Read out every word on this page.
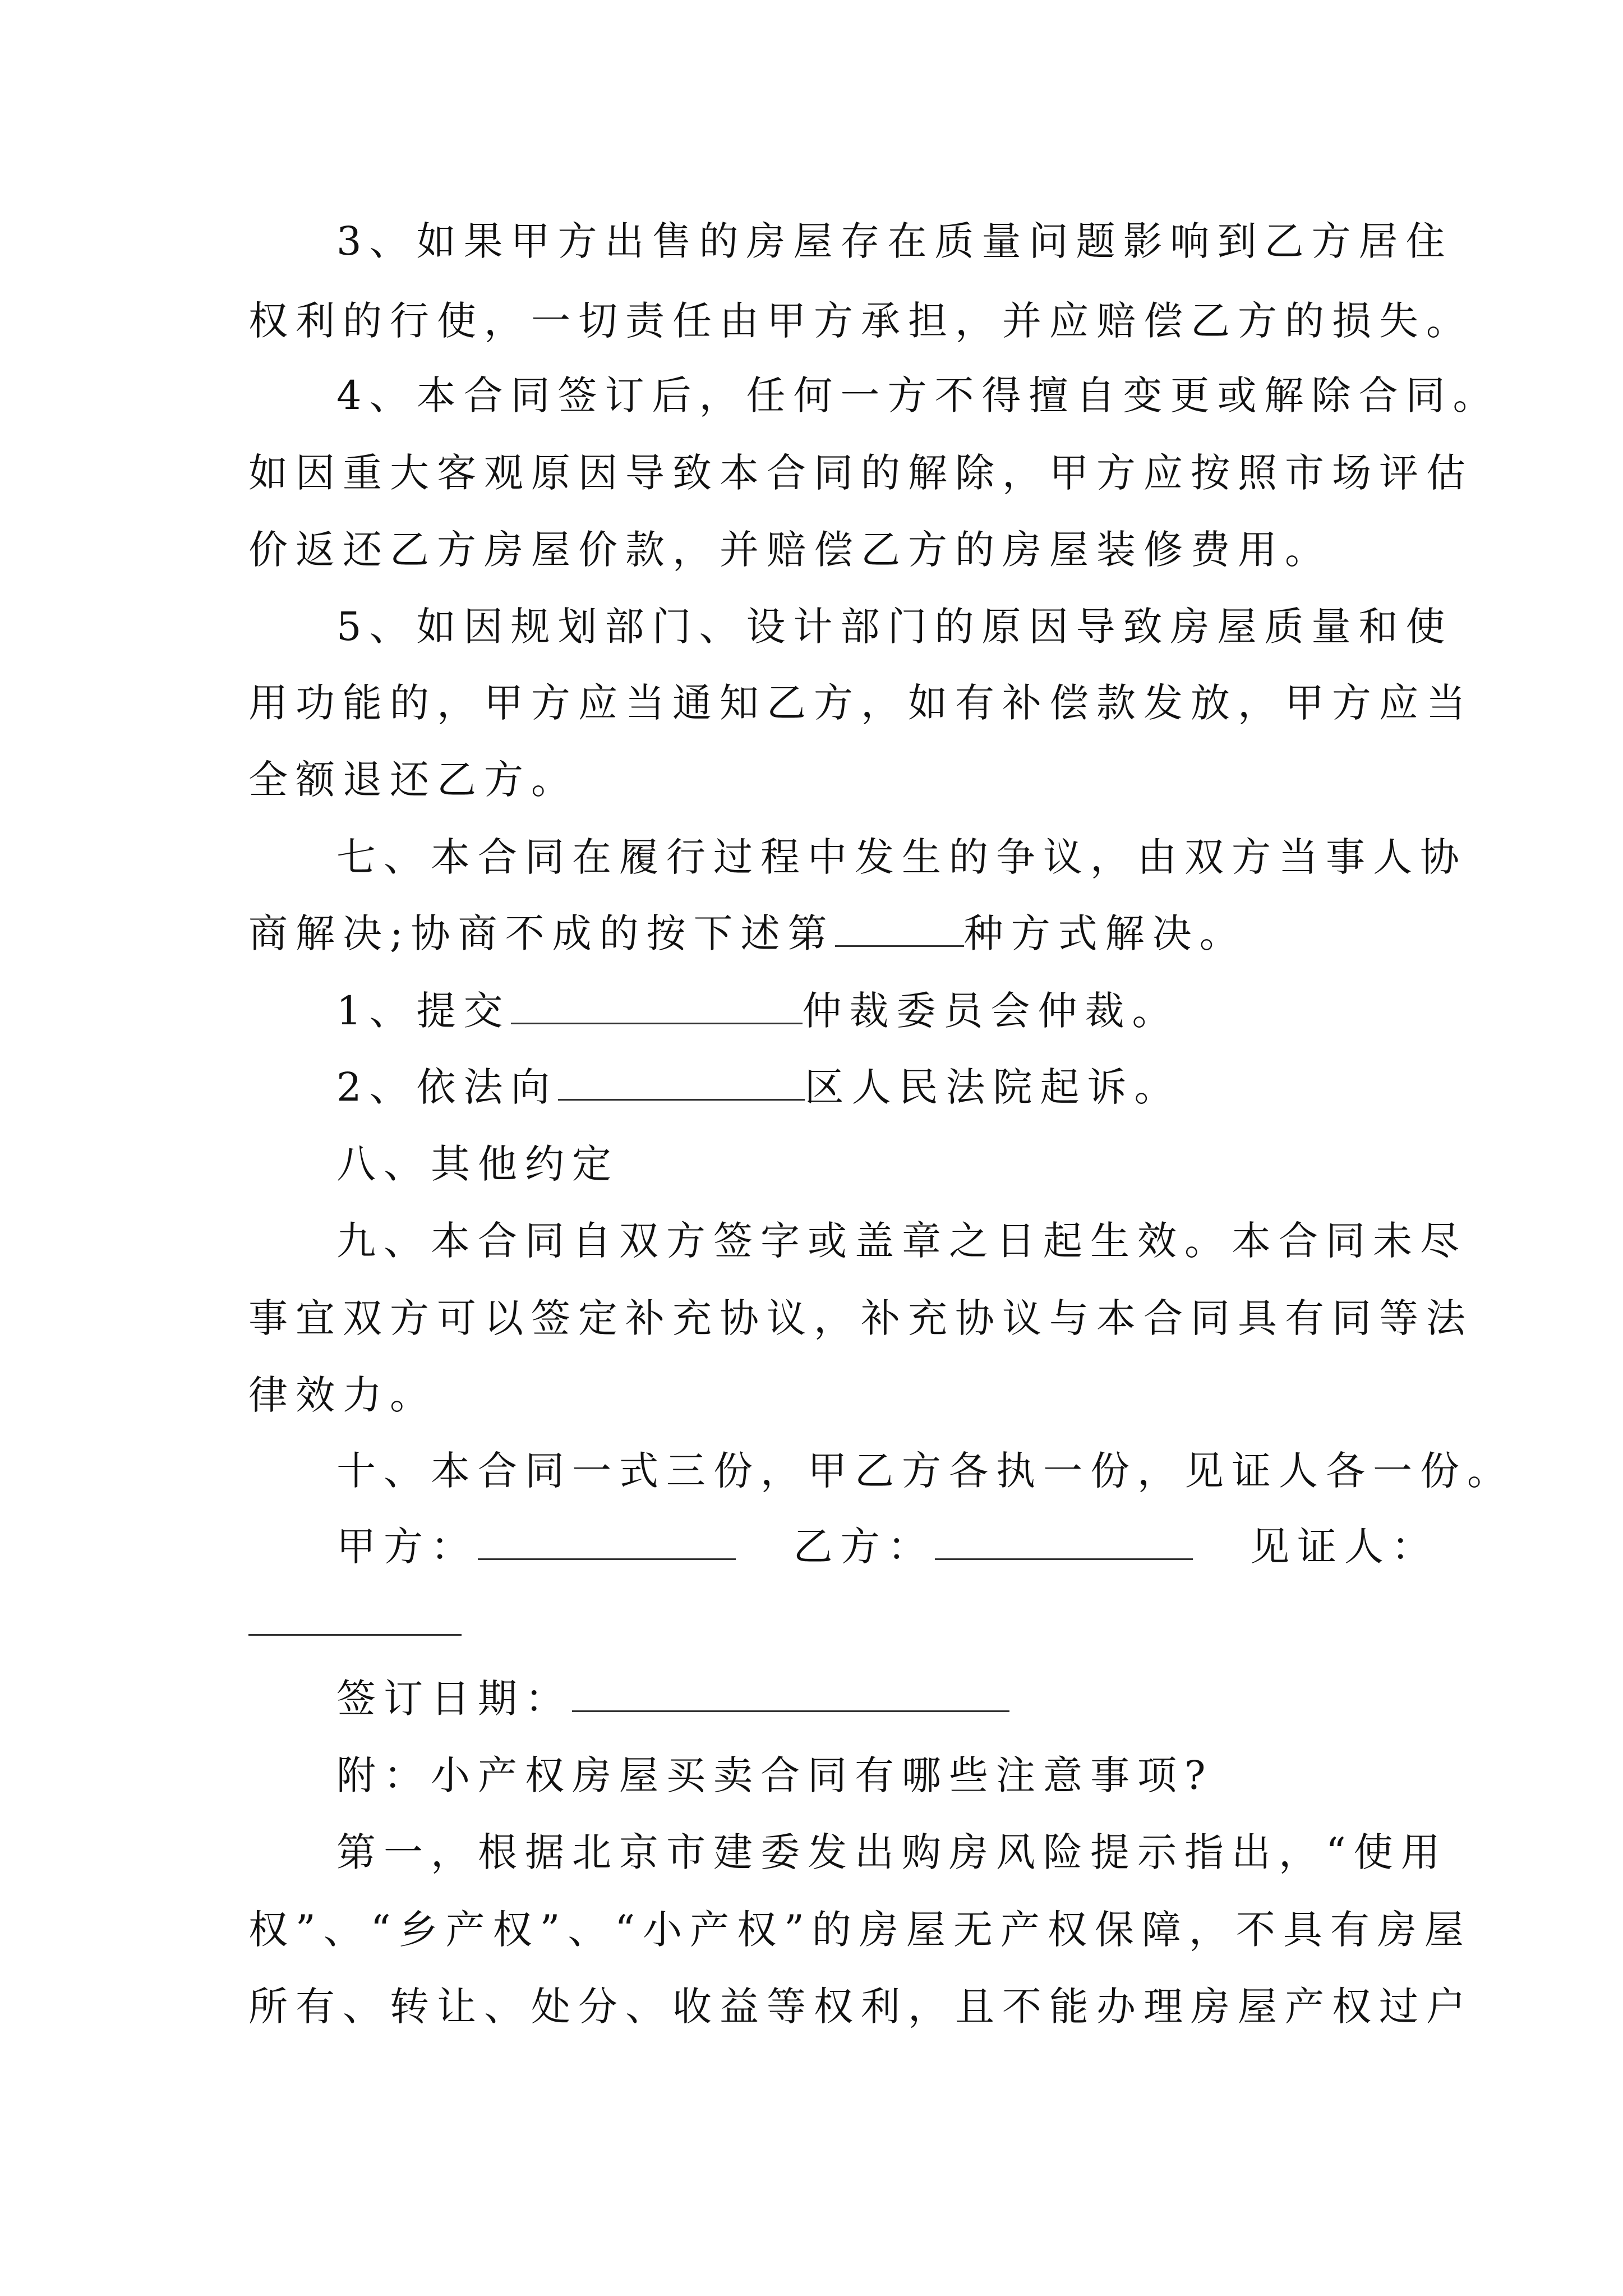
3、如果甲方出售的房屋存在质量问题影响到乙方居住
权利的行使，一切责任由甲方承担，并应赔偿乙方的损失。
4、本合同签订后，任何一方不得擅自变更或解除合同。
如因重大客观原因导致本合同的解除，甲方应按照市场评估
价返还乙方房屋价款，并赔偿乙方的房屋装修费用。
5、如因规划部门、设计部门的原因导致房屋质量和使
用功能的，甲方应当通知乙方，如有补偿款发放，甲方应当
全额退还乙方。
七、本合同在履行过程中发生的争议，由双方当事人协
商解决;协商不成的按下述第	种方式解决。
1、提交	仲裁委员会仲裁。
2、依法向	区人民法院起诉。
八、其他约定
九、本合同自双方签字或盖章之日起生效。本合同未尽
事宜双方可以签定补充协议，补充协议与本合同具有同等法
律效力。
十、本合同一式三份，甲乙方各执一份，见证人各一份。
甲方：	乙方：	见证人：
签订日期：
附：小产权房屋买卖合同有哪些注意事项?
第一，根据北京市建委发出购房风险提示指出，“使用
权”、“乡产权”、“小产权”的房屋无产权保障，不具有房屋
所有、转让、处分、收益等权利，且不能办理房屋产权过户
